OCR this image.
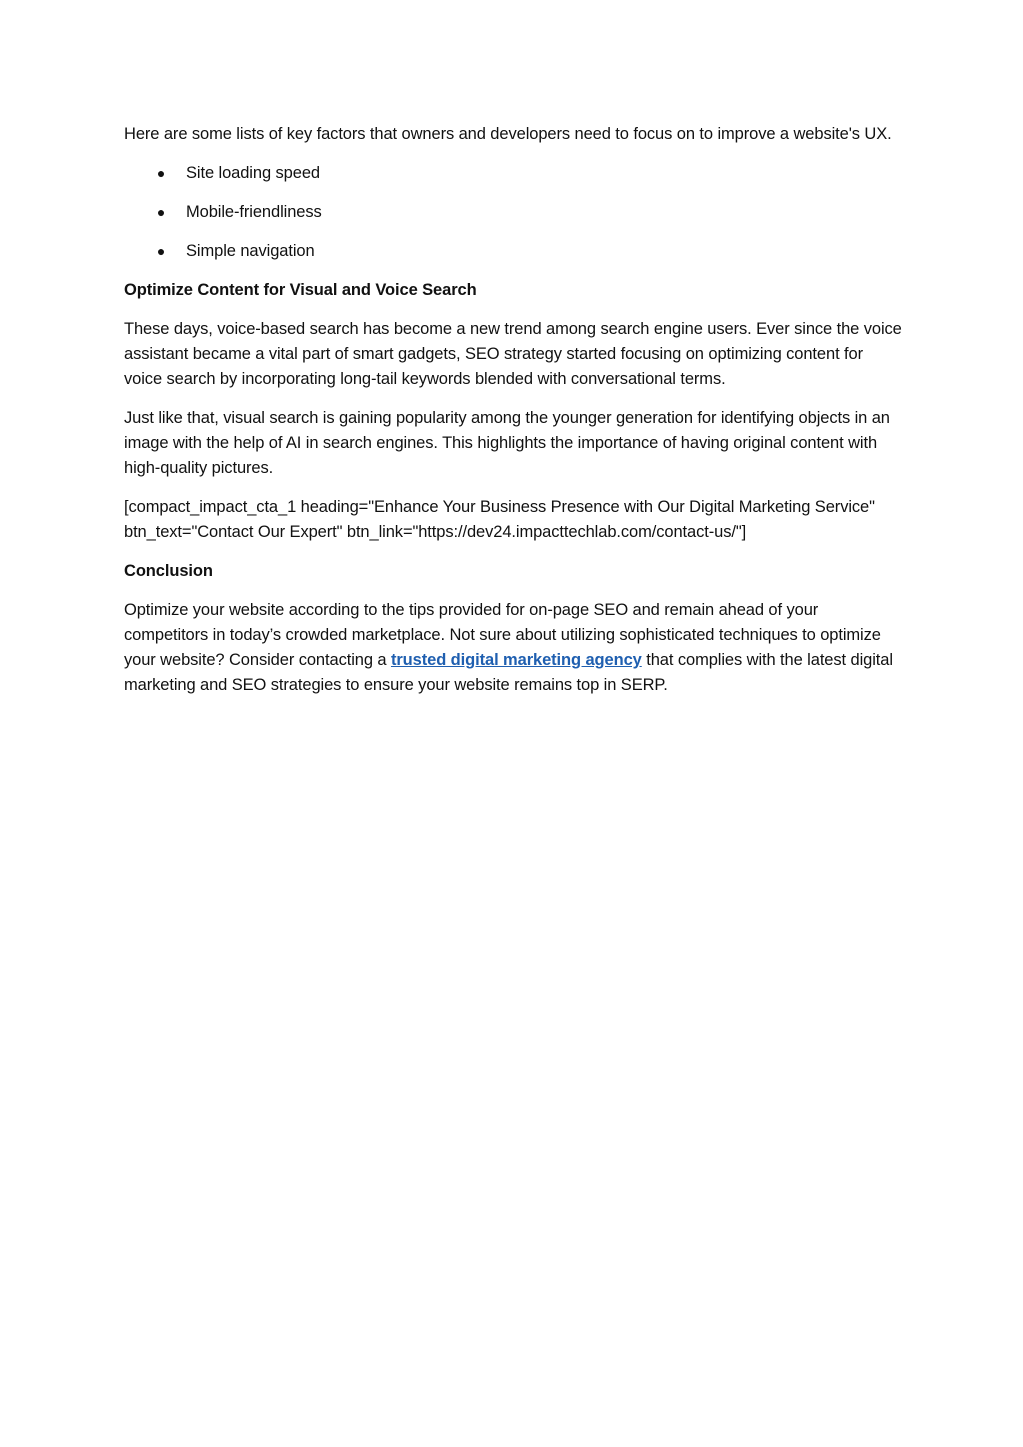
Here are some lists of key factors that owners and developers need to focus on to improve a website's UX.

● Site loading speed
● Mobile-friendliness
● Simple navigation

Optimize Content for Visual and Voice Search

These days, voice-based search has become a new trend among search engine users. Ever since the voice assistant became a vital part of smart gadgets, SEO strategy started focusing on optimizing content for voice search by incorporating long-tail keywords blended with conversational terms.

Just like that, visual search is gaining popularity among the younger generation for identifying objects in an image with the help of AI in search engines. This highlights the importance of having original content with high-quality pictures.

[compact_impact_cta_1 heading="Enhance Your Business Presence with Our Digital Marketing Service" btn_text="Contact Our Expert" btn_link="https://dev24.impacttechlab.com/contact-us/"]

Conclusion

Optimize your website according to the tips provided for on-page SEO and remain ahead of your competitors in today’s crowded marketplace. Not sure about utilizing sophisticated techniques to optimize your website? Consider contacting a trusted digital marketing agency that complies with the latest digital marketing and SEO strategies to ensure your website remains top in SERP.
